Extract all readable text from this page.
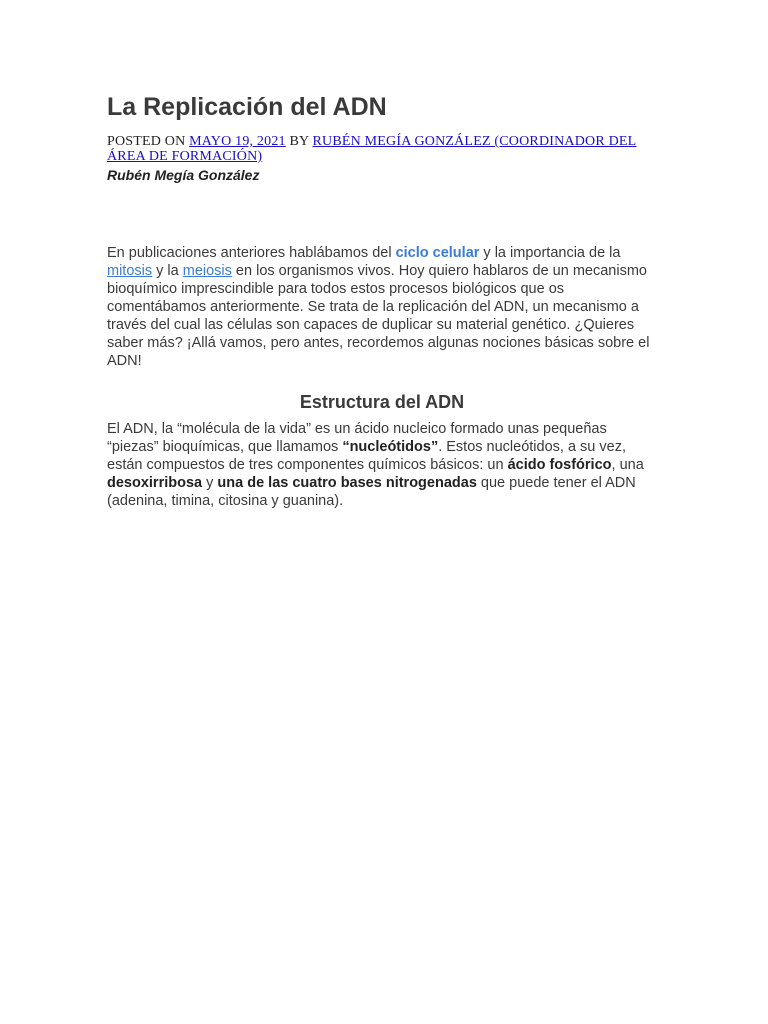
La Replicación del ADN

POSTED ON MAYO 19, 2021 BY RUBÉN MEGÍA GONZÁLEZ (COORDINADOR DEL ÁREA DE FORMACIÓN)

Rubén Megía González

En publicaciones anteriores hablábamos del ciclo celular y la importancia de la mitosis y la meiosis en los organismos vivos. Hoy quiero hablaros de un mecanismo bioquímico imprescindible para todos estos procesos biológicos que os comentábamos anteriormente. Se trata de la replicación del ADN, un mecanismo a través del cual las células son capaces de duplicar su material genético. ¿Quieres saber más? ¡Allá vamos, pero antes, recordemos algunas nociones básicas sobre el ADN!

Estructura del ADN

El ADN, la “molécula de la vida” es un ácido nucleico formado unas pequeñas “piezas” bioquímicas, que llamamos “nucleótidos”. Estos nucleótidos, a su vez, están compuestos de tres componentes químicos básicos: un ácido fosfórico, una desoxirribosa y una de las cuatro bases nitrogenadas que puede tener el ADN (adenina, timina, citosina y guanina).
